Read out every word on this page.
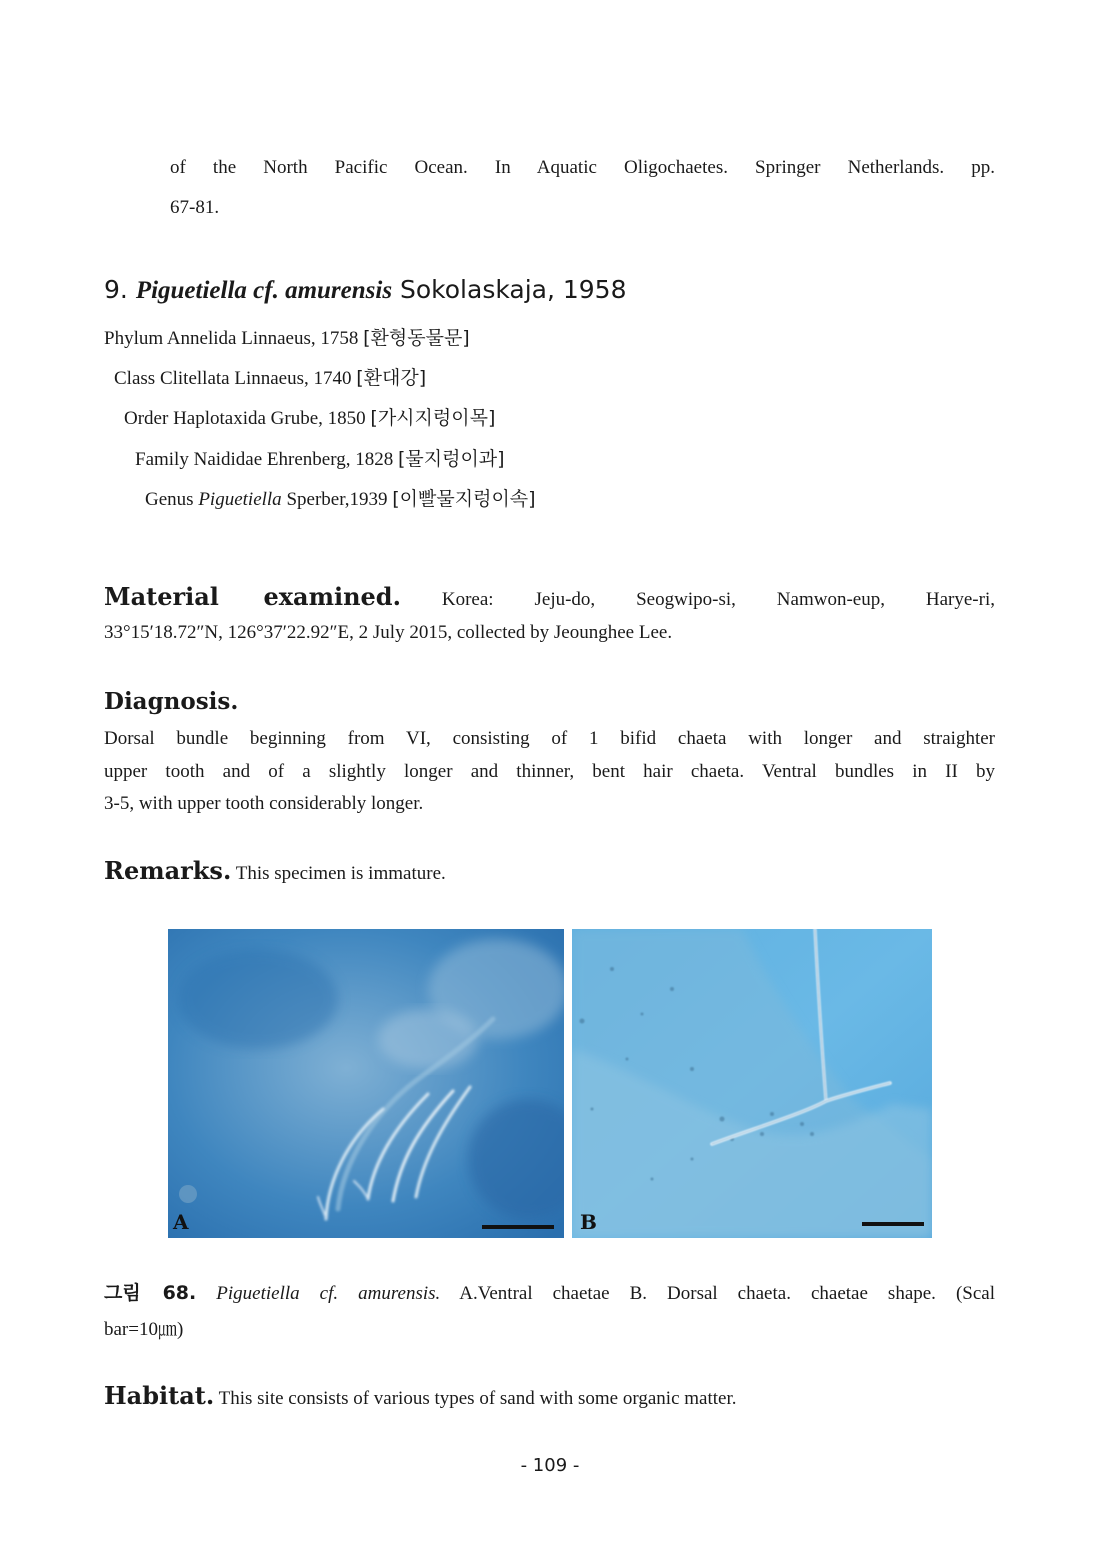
of the North Pacific Ocean. In Aquatic Oligochaetes. Springer Netherlands. pp.
67-81.
9. Piguetiella cf. amurensis Sokolaskaja, 1958
Phylum Annelida Linnaeus, 1758 [환형동물문]
Class Clitellata Linnaeus, 1740 [환대강]
Order Haplotaxida Grube, 1850 [가시지렁이목]
Family Naididae Ehrenberg, 1828 [물지렁이과]
Genus Piguetiella Sperber,1939 [이빨물지렁이속]
Material examined. Korea: Jeju-do, Seogwipo-si, Namwon-eup, Harye-ri,
33°15′18.72″N, 126°37′22.92″E, 2 July 2015, collected by Jeounghee Lee.
Diagnosis.
Dorsal bundle beginning from VI, consisting of 1 bifid chaeta with longer and straighter
upper tooth and of a slightly longer and thinner, bent hair chaeta. Ventral bundles in II by
3-5, with upper tooth considerably longer.
Remarks. This specimen is immature.
A	B
그림 68. Piguetiella cf. amurensis. A.Ventral chaetae B. Dorsal chaeta. chaetae shape. (Scal
bar=10㎛)
Habitat. This site consists of various types of sand with some organic matter.
- 109 -
